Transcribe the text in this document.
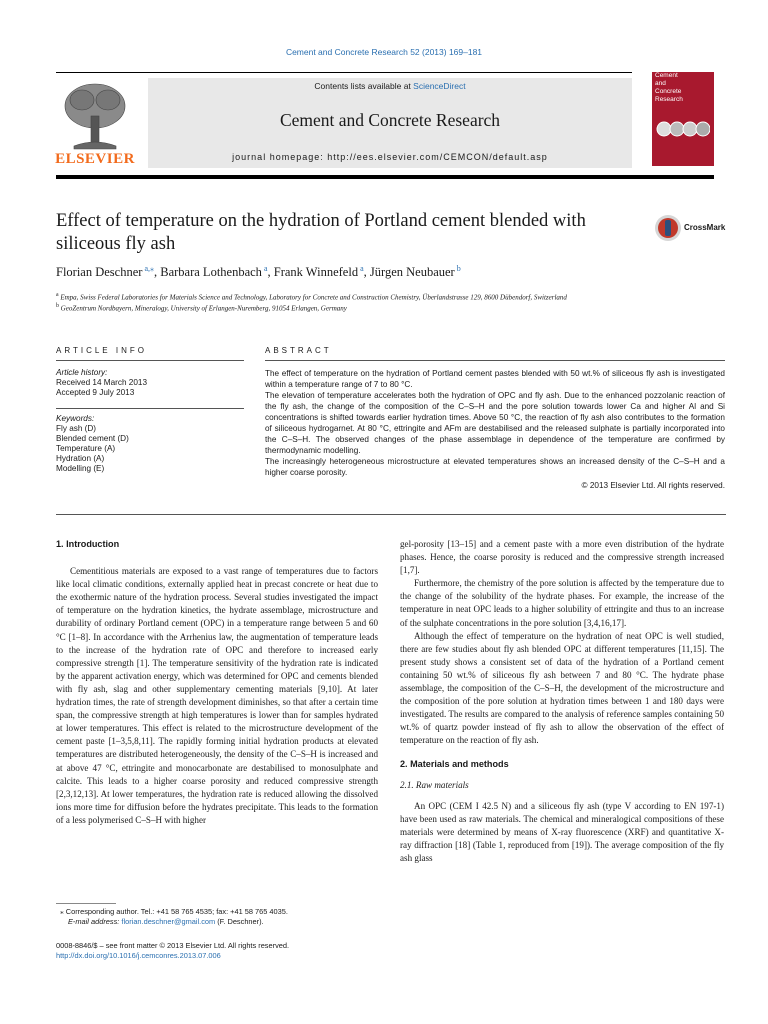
Cement and Concrete Research 52 (2013) 169–181
ELSEVIER
Contents lists available at ScienceDirect
Cement and Concrete Research
journal homepage: http://ees.elsevier.com/CEMCON/default.asp
Cement
and
Concrete
Research
Effect of temperature on the hydration of Portland cement blended with siliceous fly ash
CrossMark
Florian Deschner $^{a,⁎}$, Barbara Lothenbach $^a$, Frank Winnefeld $^a$, Jürgen Neubauer $^b$
$^a$ Empa, Swiss Federal Laboratories for Materials Science and Technology, Laboratory for Concrete and Construction Chemistry, Überlandstrasse 129, 8600 Dübendorf, Switzerland
$^b$ GeoZentrum Nordbayern, Mineralogy, University of Erlangen-Nuremberg, 91054 Erlangen, Germany
ARTICLE INFO
Article history:
Received 14 March 2013
Accepted 9 July 2013
Keywords:
Fly ash (D)
Blended cement (D)
Temperature (A)
Hydration (A)
Modelling (E)
ABSTRACT

The effect of temperature on the hydration of Portland cement pastes blended with 50 wt.% of siliceous fly ash is investigated within a temperature range of 7 to 80 °C.

The elevation of temperature accelerates both the hydration of OPC and fly ash. Due to the enhanced pozzolanic reaction of the fly ash, the change of the composition of the C–S–H and the pore solution towards lower Ca and higher Al and Si concentrations is shifted towards earlier hydration times. Above 50 °C, the reaction of fly ash also contributes to the formation of siliceous hydrogarnet. At 80 °C, ettringite and AFm are destabilised and the released sulphate is partially incorporated into the C–S–H. The observed changes of the phase assemblage in dependence of the temperature are confirmed by thermodynamic modelling.

The increasingly heterogeneous microstructure at elevated temperatures shows an increased density of the C–S–H and a higher coarse porosity.

© 2013 Elsevier Ltd. All rights reserved.

1. Introduction

Cementitious materials are exposed to a vast range of temperatures due to factors like local climatic conditions, externally applied heat in precast concrete or heat due to the exothermic nature of the hydration process. Several studies investigated the impact of temperature on the hydration kinetics, the hydrate assemblage, microstructure and durability of ordinary Portland cement (OPC) in a temperature range between 5 and 60 °C [1–8]. In accordance with the Arrhenius law, the augmentation of temperature leads to the increase of the hydration rate of OPC and therefore to increased early compressive strength [1]. The temperature sensitivity of the hydration rate is indicated by the apparent activation energy, which was determined for OPC and cements blended with fly ash, slag and other supplementary cementing materials [9,10]. At later hydration times, the rate of strength development diminishes, so that after a certain time span, the compressive strength at high temperatures is lower than for samples hydrated at lower temperatures. This effect is related to the microstructure development of the cement paste [1–3,5,8,11]. The rapidly forming initial hydration products at elevated temperatures are distributed heterogeneously, the density of the C–S–H is increased and at above 47 °C, ettringite and monocarbonate are destabilised to monosulphate and calcite. This leads to a higher coarse porosity and reduced compressive strength [2,3,12,13]. At lower temperatures, the hydration rate is reduced allowing the dissolved ions more time for diffusion before the hydrates precipitate. This leads to the formation of a less polymerised C–S–H with higher

⁎ Corresponding author. Tel.: +41 58 765 4535; fax: +41 58 765 4035.
E-mail address: florian.deschner@gmail.com (F. Deschner).
0008-8846/$ – see front matter © 2013 Elsevier Ltd. All rights reserved.
http://dx.doi.org/10.1016/j.cemconres.2013.07.006

gel-porosity [13–15] and a cement paste with a more even distribution of the hydrate phases. Hence, the coarse porosity is reduced and the compressive strength increased [1,7].

Furthermore, the chemistry of the pore solution is affected by the temperature due to the change of the solubility of the hydrate phases. For example, the increase of the temperature in neat OPC leads to a higher solubility of ettringite and thus to an increase of the sulphate concentrations in the pore solution [3,4,16,17].

Although the effect of temperature on the hydration of neat OPC is well studied, there are few studies about fly ash blended OPC at different temperatures [11,15]. The present study shows a consistent set of data of the hydration of a Portland cement containing 50 wt.% of siliceous fly ash between 7 and 80 °C. The hydrate phase assemblage, the composition of the C–S–H, the development of the microstructure and the composition of the pore solution at hydration times between 1 and 180 days were investigated. The results are compared to the analysis of reference samples containing 50 wt.% of quartz powder instead of fly ash to allow the observation of the effect of temperature on the reaction of fly ash.

2. Materials and methods
2.1. Raw materials

An OPC (CEM I 42.5 N) and a siliceous fly ash (type V according to EN 197-1) have been used as raw materials. The chemical and mineralogical compositions of these materials were determined by means of X-ray fluorescence (XRF) and quantitative X-ray diffraction [18] (Table 1, reproduced from [19]). The average composition of the fly ash glass
